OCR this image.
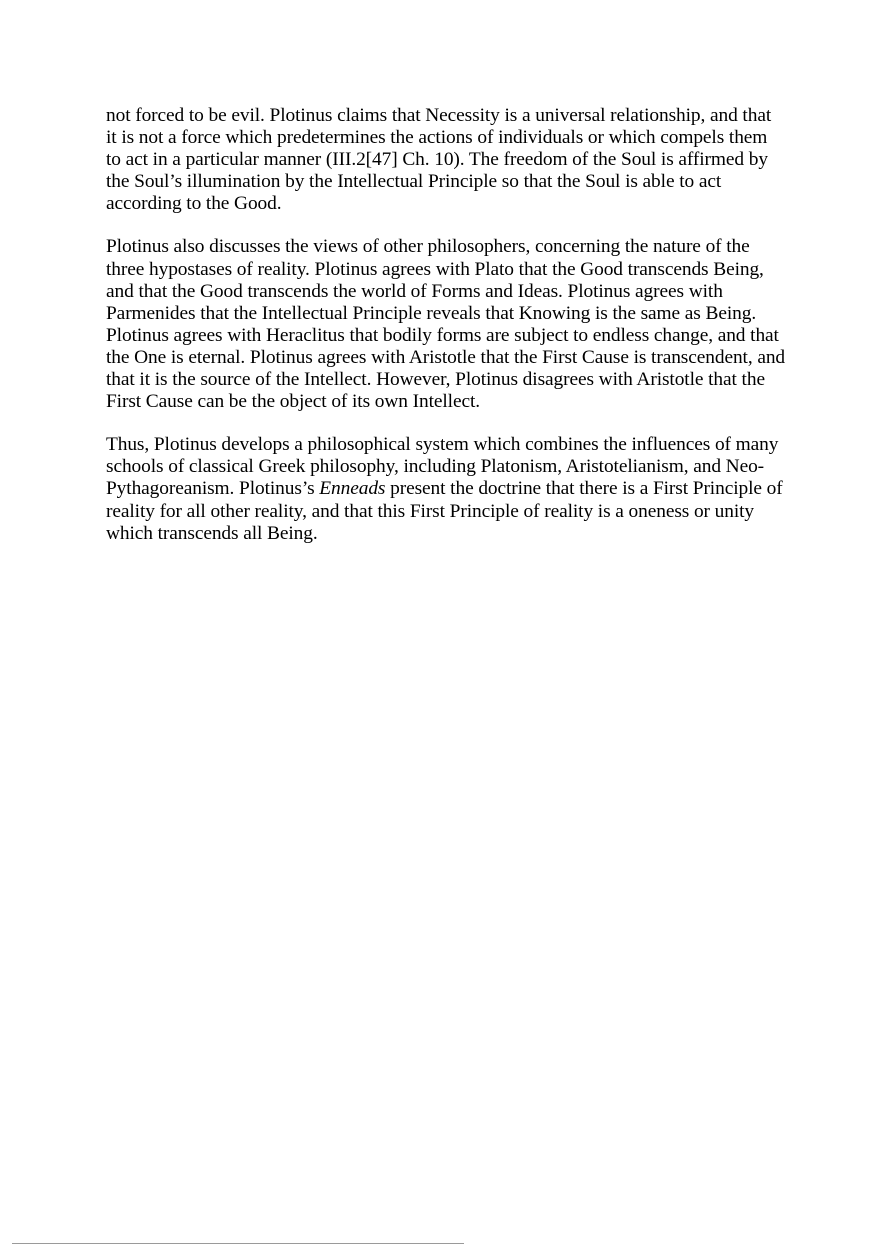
not forced to be evil. Plotinus claims that Necessity is a universal relationship, and that it is not a force which predetermines the actions of individuals or which compels them to act in a particular manner (III.2[47] Ch. 10). The freedom of the Soul is affirmed by the Soul’s illumination by the Intellectual Principle so that the Soul is able to act according to the Good.

Plotinus also discusses the views of other philosophers, concerning the nature of the three hypostases of reality. Plotinus agrees with Plato that the Good transcends Being, and that the Good transcends the world of Forms and Ideas. Plotinus agrees with Parmenides that the Intellectual Principle reveals that Knowing is the same as Being. Plotinus agrees with Heraclitus that bodily forms are subject to endless change, and that the One is eternal. Plotinus agrees with Aristotle that the First Cause is transcendent, and that it is the source of the Intellect. However, Plotinus disagrees with Aristotle that the First Cause can be the object of its own Intellect.

Thus, Plotinus develops a philosophical system which combines the influences of many schools of classical Greek philosophy, including Platonism, Aristotelianism, and Neo-Pythagoreanism. Plotinus’s Enneads present the doctrine that there is a First Principle of reality for all other reality, and that this First Principle of reality is a oneness or unity which transcends all Being.
